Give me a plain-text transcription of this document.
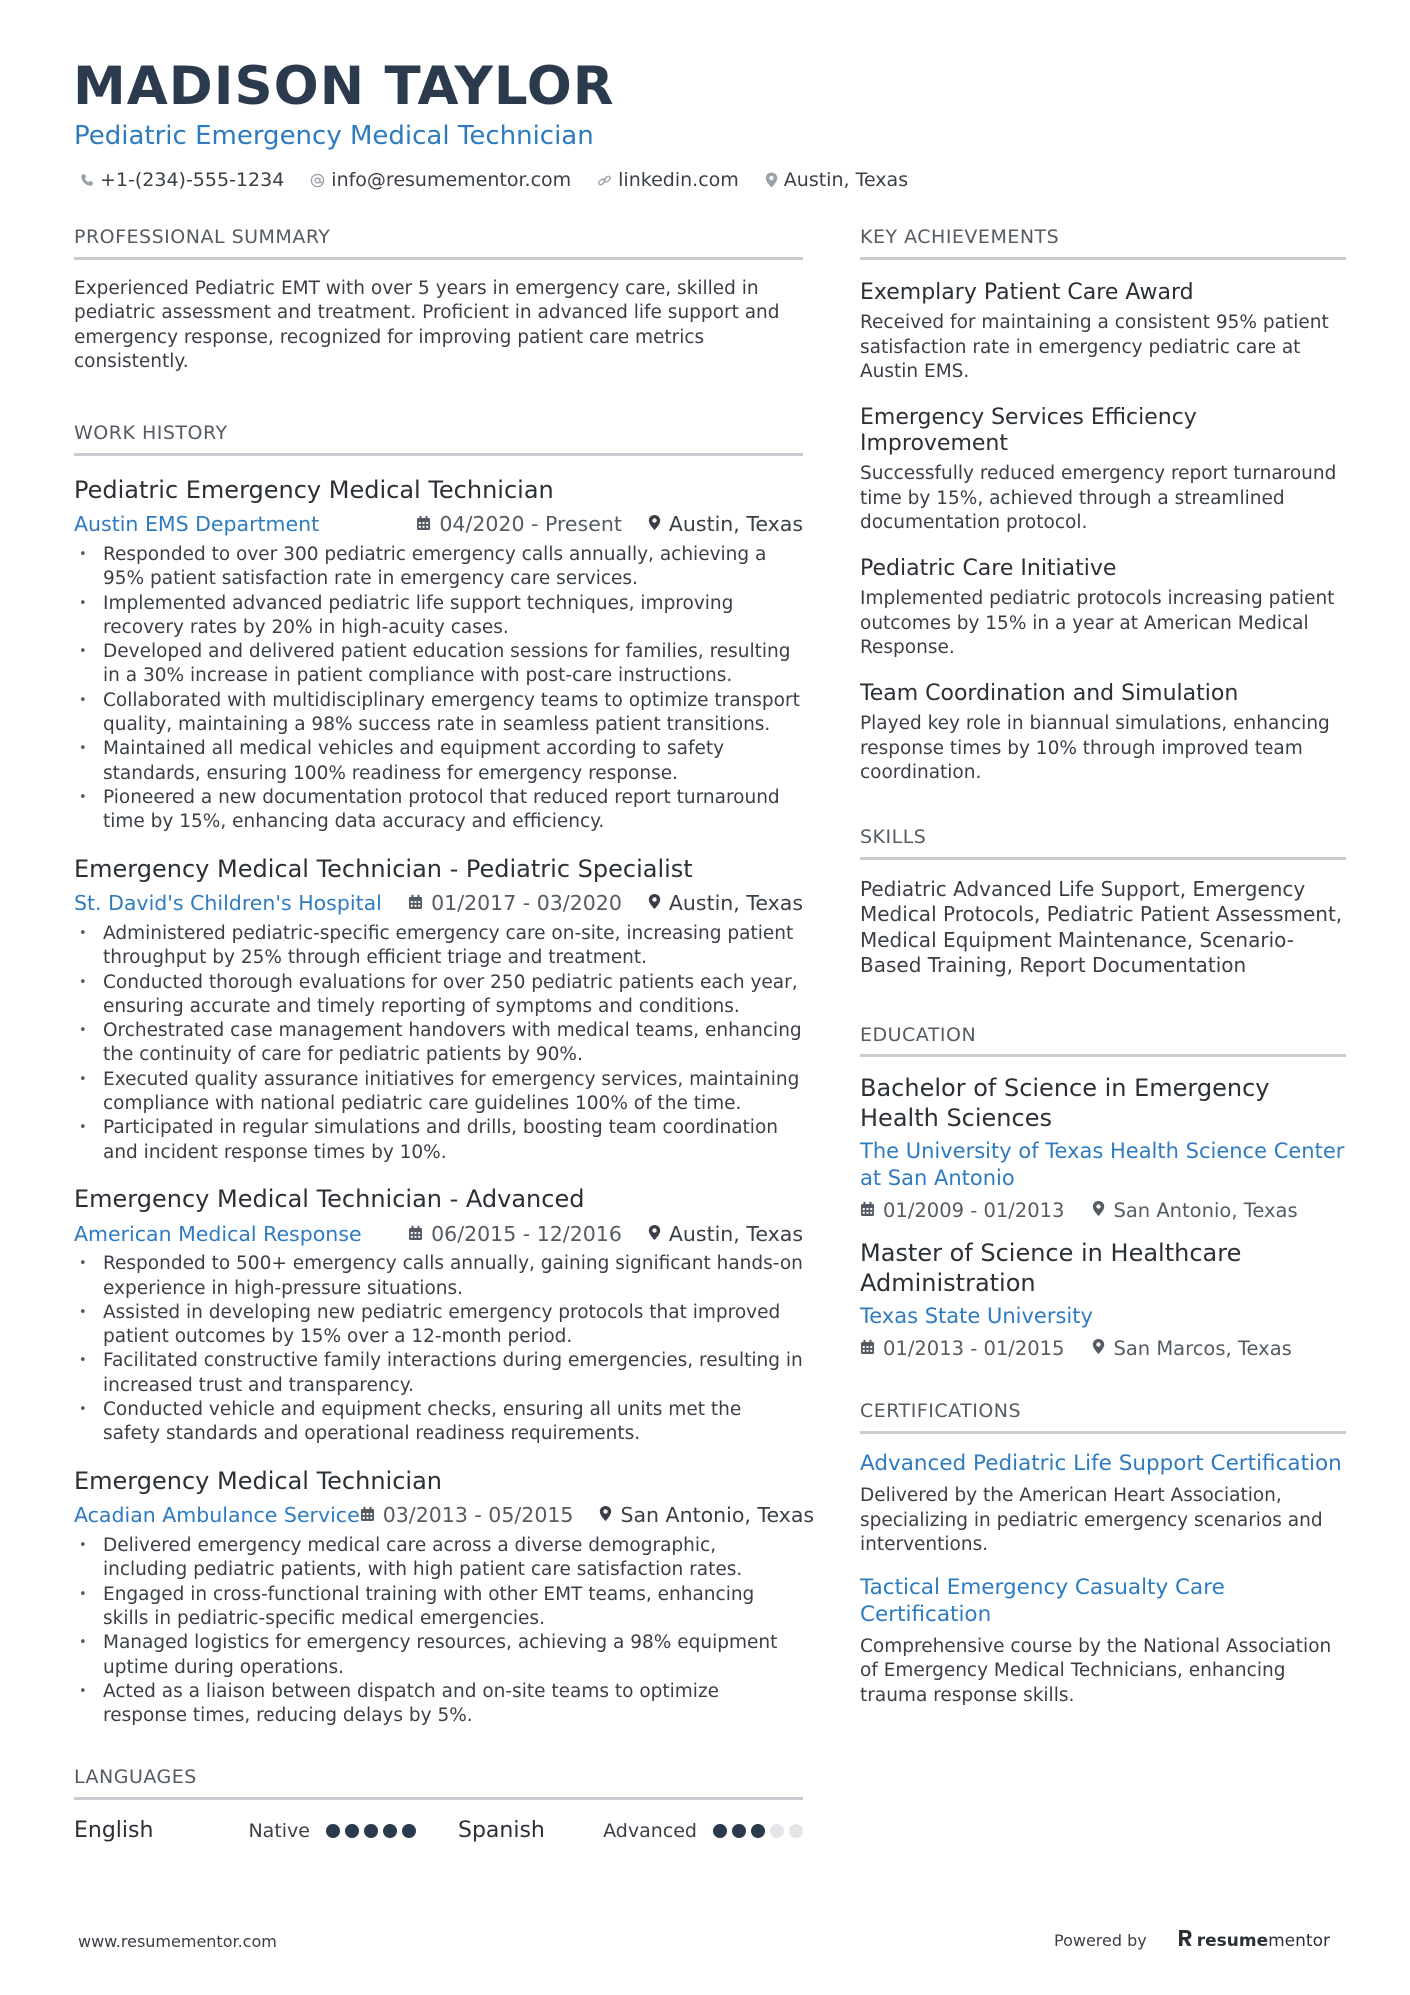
MADISON TAYLOR
Pediatric Emergency Medical Technician
+1-(234)-555-1234 info@resumementor.com linkedin.com Austin, Texas
PROFESSIONAL SUMMARY

Experienced Pediatric EMT with over 5 years in emergency care, skilled in pediatric assessment and treatment. Proficient in advanced life support and emergency response, recognized for improving patient care metrics consistently.

WORK HISTORY
Pediatric Emergency Medical Technician
Austin EMS Department	04/2020 - Present Austin, Texas
• Responded to over 300 pediatric emergency calls annually, achieving a 95% patient satisfaction rate in emergency care services.
• Implemented advanced pediatric life support techniques, improving recovery rates by 20% in high-acuity cases.
• Developed and delivered patient education sessions for families, resulting in a 30% increase in patient compliance with post-care instructions.
• Collaborated with multidisciplinary emergency teams to optimize transport quality, maintaining a 98% success rate in seamless patient transitions.
• Maintained all medical vehicles and equipment according to safety standards, ensuring 100% readiness for emergency response.
• Pioneered a new documentation protocol that reduced report turnaround time by 15%, enhancing data accuracy and efficiency.
Emergency Medical Technician - Pediatric Specialist
St. David's Children's Hospital	01/2017 - 03/2020 Austin, Texas
• Administered pediatric-specific emergency care on-site, increasing patient throughput by 25% through efficient triage and treatment.
• Conducted thorough evaluations for over 250 pediatric patients each year, ensuring accurate and timely reporting of symptoms and conditions.
• Orchestrated case management handovers with medical teams, enhancing the continuity of care for pediatric patients by 90%.
• Executed quality assurance initiatives for emergency services, maintaining compliance with national pediatric care guidelines 100% of the time.
• Participated in regular simulations and drills, boosting team coordination and incident response times by 10%.
Emergency Medical Technician - Advanced
American Medical Response	06/2015 - 12/2016 Austin, Texas
• Responded to 500+ emergency calls annually, gaining significant hands-on experience in high-pressure situations.
• Assisted in developing new pediatric emergency protocols that improved patient outcomes by 15% over a 12-month period.
• Facilitated constructive family interactions during emergencies, resulting in increased trust and transparency.
• Conducted vehicle and equipment checks, ensuring all units met the safety standards and operational readiness requirements.
Emergency Medical Technician
Acadian Ambulance Service 03/2013 - 05/2015 San Antonio, Texas
• Delivered emergency medical care across a diverse demographic, including pediatric patients, with high patient care satisfaction rates.
• Engaged in cross-functional training with other EMT teams, enhancing skills in pediatric-specific medical emergencies.
• Managed logistics for emergency resources, achieving a 98% equipment uptime during operations.
• Acted as a liaison between dispatch and on-site teams to optimize response times, reducing delays by 5%.
LANGUAGES
English	Native	Spanish	Advanced
KEY ACHIEVEMENTS
Exemplary Patient Care Award
Received for maintaining a consistent 95% patient satisfaction rate in emergency pediatric care at Austin EMS.
Emergency Services Efficiency Improvement
Successfully reduced emergency report turnaround time by 15%, achieved through a streamlined documentation protocol.
Pediatric Care Initiative
Implemented pediatric protocols increasing patient outcomes by 15% in a year at American Medical Response.
Team Coordination and Simulation
Played key role in biannual simulations, enhancing response times by 10% through improved team coordination.
SKILLS

Pediatric Advanced Life Support, Emergency Medical Protocols, Pediatric Patient Assessment, Medical Equipment Maintenance, Scenario-Based Training, Report Documentation

EDUCATION
Bachelor of Science in Emergency Health Sciences
The University of Texas Health Science Center at San Antonio
01/2009 - 01/2013	San Antonio, Texas
Master of Science in Healthcare Administration
Texas State University
01/2013 - 01/2015	San Marcos, Texas
CERTIFICATIONS
Advanced Pediatric Life Support Certification
Delivered by the American Heart Association, specializing in pediatric emergency scenarios and interventions.
Tactical Emergency Casualty Care Certification
Comprehensive course by the National Association of Emergency Medical Technicians, enhancing trauma response skills.
www.resumementor.com	Powered by	resumementor
